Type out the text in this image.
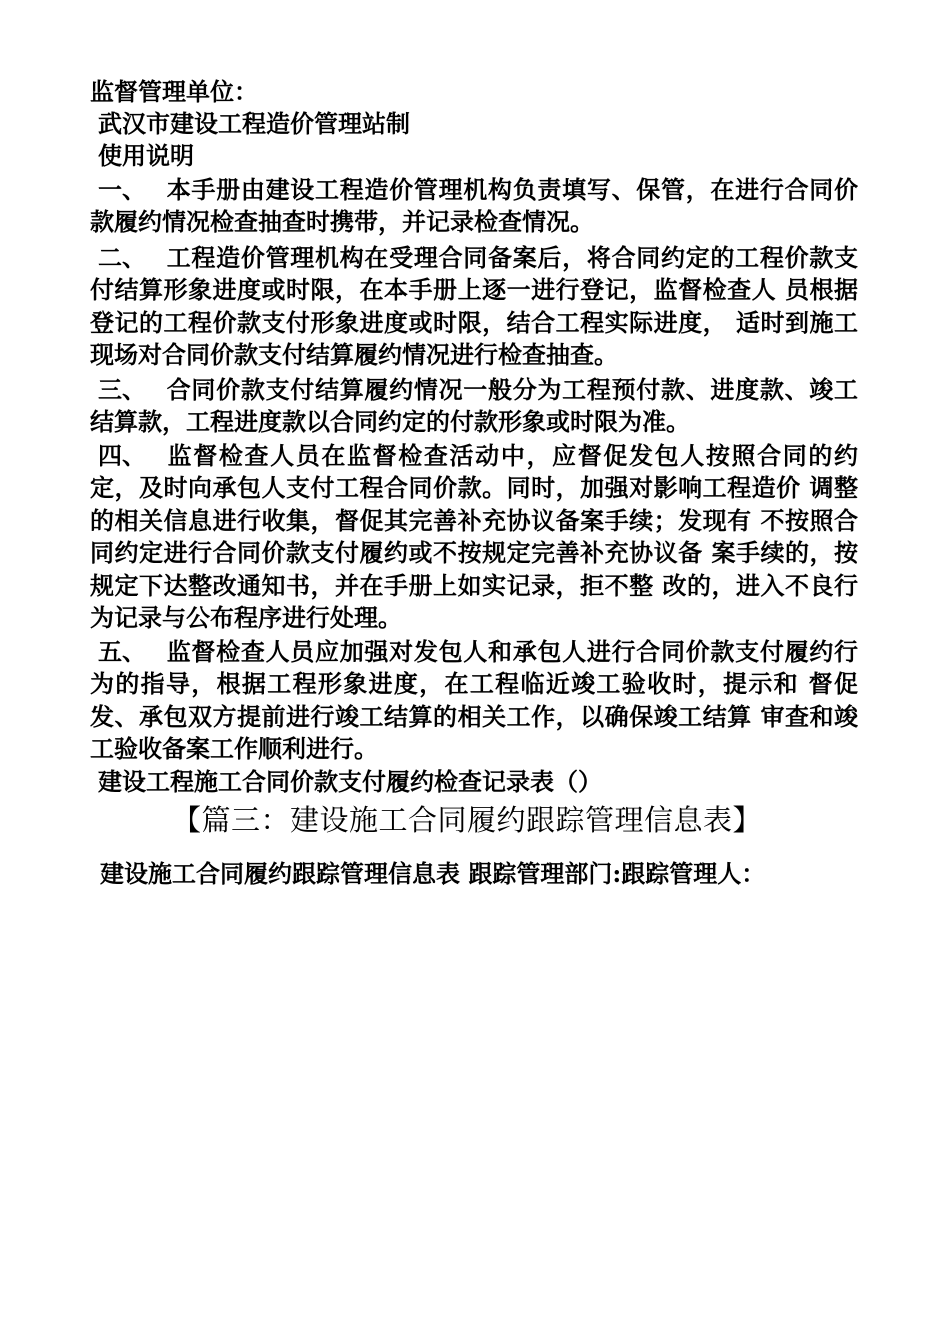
监督管理单位：
武汉市建设工程造价管理站制
使用说明
一、 本手册由建设工程造价管理机构负责填写、保管，在进行合同价款履约情况检查抽查时携带，并记录检查情况。
二、 工程造价管理机构在受理合同备案后，将合同约定的工程价款支付结算形象进度或时限，在本手册上逐一进行登记，监督检查人 员根据登记的工程价款支付形象进度或时限，结合工程实际进度， 适时到施工现场对合同价款支付结算履约情况进行检查抽查。
三、 合同价款支付结算履约情况一般分为工程预付款、进度款、竣工结算款，工程进度款以合同约定的付款形象或时限为准。
四、 监督检查人员在监督检查活动中，应督促发包人按照合同的约定，及时向承包人支付工程合同价款。同时，加强对影响工程造价 调整的相关信息进行收集，督促其完善补充协议备案手续；发现有 不按照合同约定进行合同价款支付履约或不按规定完善补充协议备 案手续的，按规定下达整改通知书，并在手册上如实记录，拒不整 改的，进入不良行为记录与公布程序进行处理。
五、 监督检查人员应加强对发包人和承包人进行合同价款支付履约行为的指导，根据工程形象进度，在工程临近竣工验收时，提示和 督促发、承包双方提前进行竣工结算的相关工作，以确保竣工结算 审查和竣工验收备案工作顺利进行。
建设工程施工合同价款支付履约检查记录表（）
【篇三：建设施工合同履约跟踪管理信息表】
建设施工合同履约跟踪管理信息表 跟踪管理部门:跟踪管理人：
